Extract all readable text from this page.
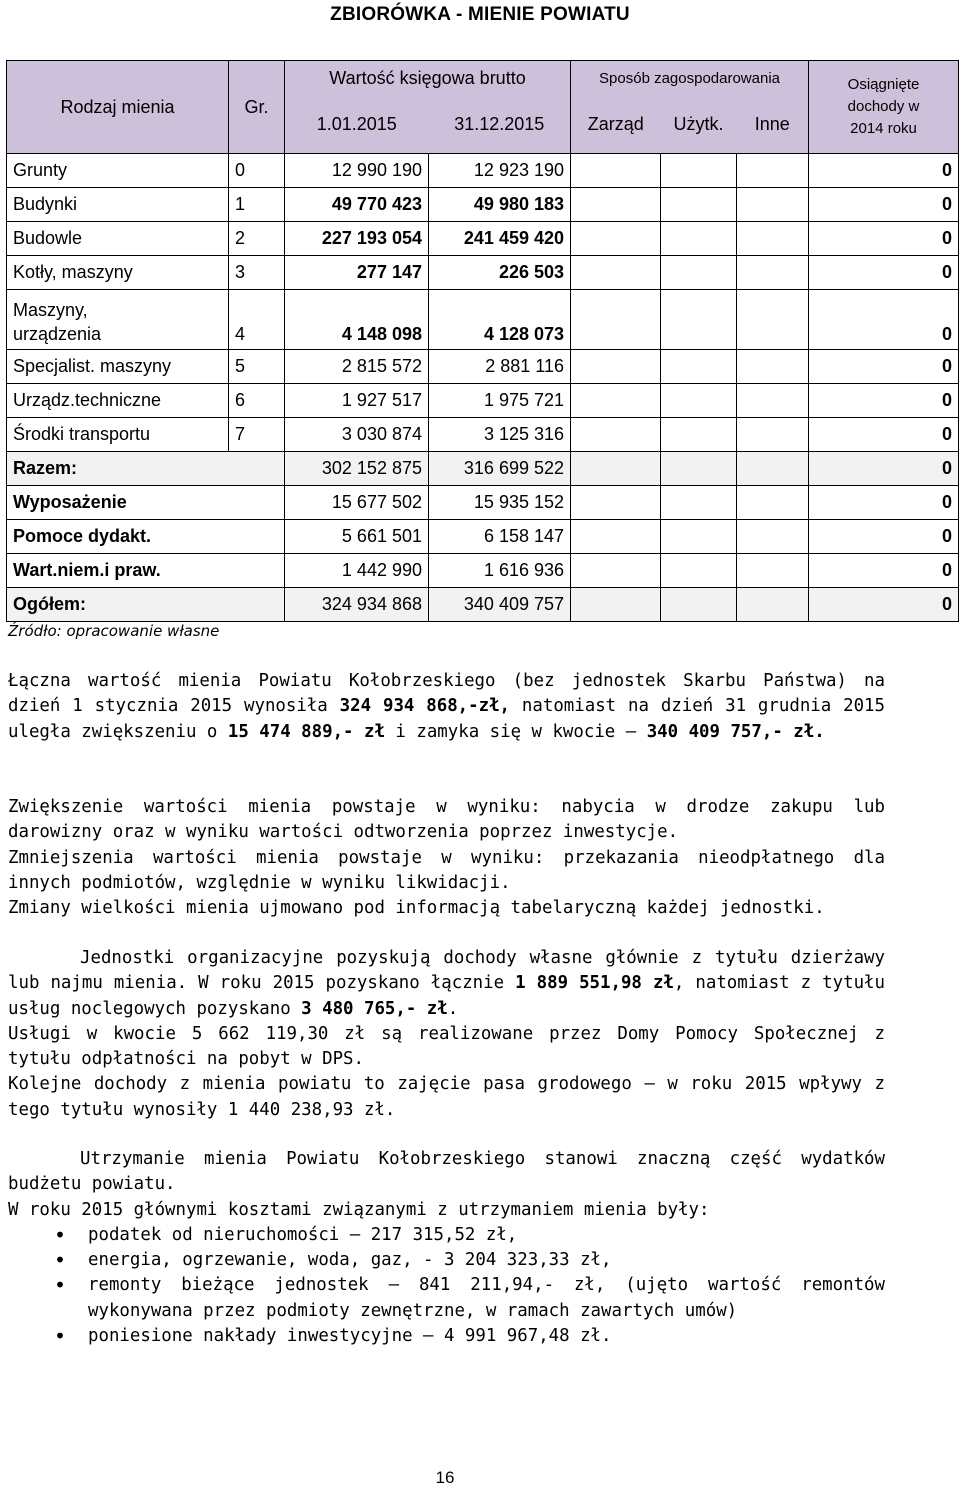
ZBIORÓWKA - MIENIE POWIATU
Rodzaj mienia	Gr.	Wartość księgowa brutto		Sposób zagospodarowania			Osiągnięte
dochody w
2014 roku

		1.01.2015	31.12.2015	Zarząd	Użytk.	Inne	
Grunty	0	12 990 190	12 923 190				0
Budynki	1	49 770 423	49 980 183				0
Budowle	2	227 193 054	241 459 420				0
Kotły, maszyny	3	277 147	226 503				0

Maszyny,
urządzenia	4	4 148 098	4 128 073				0
Specjalist. maszyny	5	2 815 572	2 881 116				0
Urządz.techniczne	6	1 927 517	1 975 721				0
Środki transportu	7	3 030 874	3 125 316				0
Razem:		302 152 875	316 699 522				0
Wyposażenie		15 677 502	15 935 152				0
Pomoce dydakt.		5 661 501	6 158 147				0
Wart.niem.i praw.		1 442 990	1 616 936				0
Ogółem:		324 934 868	340 409 757				0
Źródło: opracowanie własne

Łączna wartość mienia Powiatu Kołobrzeskiego (bez jednostek Skarbu Państwa) na dzień 1 stycznia 2015 wynosiła 324 934 868,-zł, natomiast na dzień 31 grudnia 2015 uległa zwiększeniu o 15 474 889,- zł i zamyka się w kwocie – 340 409 757,- zł.

Zwiększenie wartości mienia powstaje w wyniku: nabycia w drodze zakupu lub darowizny oraz w wyniku wartości odtworzenia poprzez inwestycje.

Zmniejszenia wartości mienia powstaje w wyniku: przekazania nieodpłatnego dla innych podmiotów, względnie w wyniku likwidacji.

Zmiany wielkości mienia ujmowano pod informacją tabelaryczną każdej jednostki.

Jednostki organizacyjne pozyskują dochody własne głównie z tytułu dzierżawy lub najmu mienia. W roku 2015 pozyskano łącznie 1 889 551,98 zł, natomiast z tytułu usług noclegowych pozyskano 3 480 765,- zł.

Usługi w kwocie 5 662 119,30 zł są realizowane przez Domy Pomocy Społecznej z tytułu odpłatności na pobyt w DPS.

Kolejne dochody z mienia powiatu to zajęcie pasa grodowego – w roku 2015 wpływy z tego tytułu wynosiły 1 440 238,93 zł.

Utrzymanie mienia Powiatu Kołobrzeskiego stanowi znaczną część wydatków budżetu powiatu.

W roku 2015 głównymi kosztami związanymi z utrzymaniem mienia były:

• podatek od nieruchomości – 217 315,52 zł,
• energia, ogrzewanie, woda, gaz, - 3 204 323,33 zł,
• remonty bieżące jednostek – 841 211,94,- zł, (ujęto wartość remontów wykonywana przez podmioty zewnętrzne, w ramach zawartych umów)
• poniesione nakłady inwestycyjne – 4 991 967,48 zł.
16
